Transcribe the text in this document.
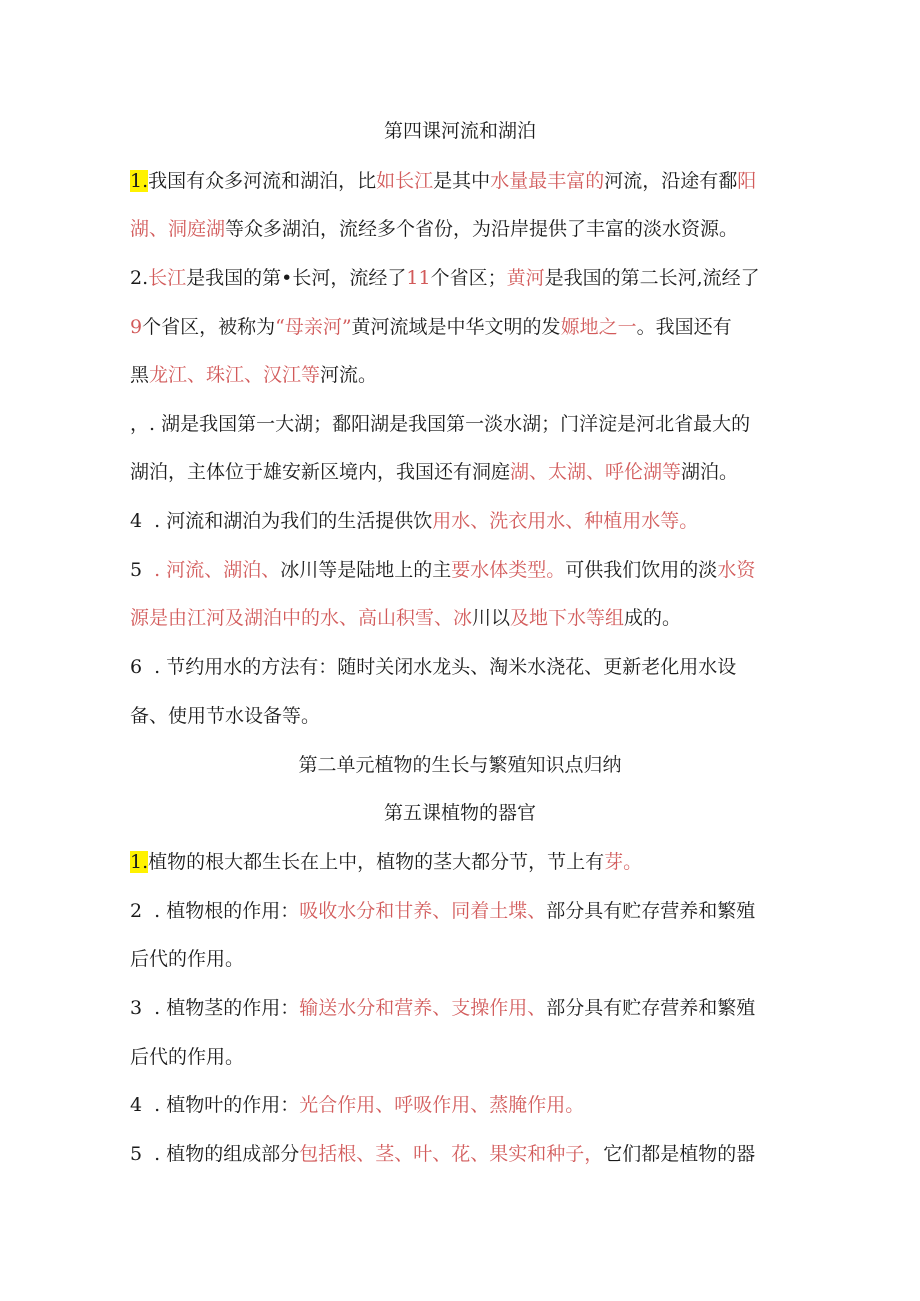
第四课河流和湖泊
1.我国有众多河流和湖泊，比如长江是其中水量最丰富的河流，沿途有鄱阳
湖、洞庭湖等众多湖泊，流经多个省份，为沿岸提供了丰富的淡水资源。
2.长江是我国的第•长河，流经了11个省区；黄河是我国的第二长河,流经了
9个省区，被称为“母亲河”黄河流域是中华文明的发嫄地之一。我国还有
黑龙江、珠江、汉江等河流。
，. 湖是我国第一大湖；鄱阳湖是我国第一淡水湖；门洋淀是河北省最大的
湖泊，主体位于雄安新区境内，我国还有洞庭湖、太湖、呼伦湖等湖泊。
4  . 河流和湖泊为我们的生活提供饮用水、洗衣用水、种植用水等。
5  . 河流、湖泊、冰川等是陆地上的主要水体类型。可供我们饮用的淡水资
源是由江河及湖泊中的水、高山积雪、冰川以及地下水等组成的。
6  . 节约用水的方法有：随时关闭水龙头、淘米水浇花、更新老化用水设
备、使用节水设备等。
第二单元植物的生长与繁殖知识点归纳
第五课植物的器官
1.植物的根大都生长在上中，植物的茎大都分节，节上有芽。
2  . 植物根的作用：吸收水分和甘养、同着土堞、部分具有贮存营养和繁殖
后代的作用。
3  . 植物茎的作用：输送水分和营养、支操作用、部分具有贮存营养和繁殖
后代的作用。
4  . 植物叶的作用：光合作用、呼吸作用、蒸腌作用。
5  . 植物的组成部分包括根、茎、叶、花、果实和种子，它们都是植物的器
